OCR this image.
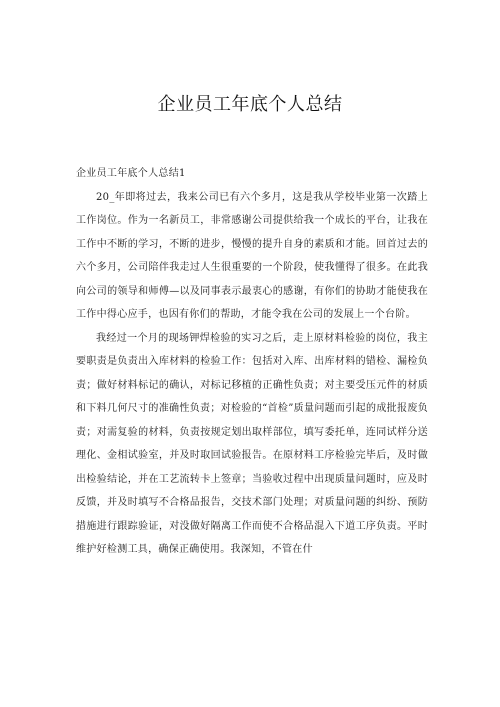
企业员工年底个人总结

企业员工年底个人总结1

20_年即将过去，我来公司已有六个多月，这是我从学校毕业第一次踏上工作岗位。作为一名新员工，非常感谢公司提供给我一个成长的平台，让我在工作中不断的学习，不断的进步，慢慢的提升自身的素质和才能。回首过去的六个多月，公司陪伴我走过人生很重要的一个阶段，使我懂得了很多。在此我向公司的领导和师傅—以及同事表示最衷心的感谢，有你们的协助才能使我在工作中得心应手，也因有你们的帮助，才能令我在公司的发展上一个台阶。

我经过一个月的现场钾焊检验的实习之后，走上原材料检验的岗位，我主要职责是负责出入库材料的检验工作：包括对入库、出库材料的错检、漏检负责；做好材料标记的确认，对标记移植的正确性负责；对主要受压元件的材质和下料几何尺寸的准确性负责；对检验的“首检”质量问题而引起的成批报废负责；对需复验的材料，负责按规定划出取样部位，填写委托单，连同试样分送理化、金相试验室，并及时取回试验报告。在原材料工序检验完毕后，及时做出检验结论，并在工艺流转卡上签章；当验收过程中出现质量问题时，应及时反馈，并及时填写不合格品报告，交技术部门处理；对质量问题的纠纷、预防措施进行跟踪验证，对没做好隔离工作而使不合格品混入下道工序负责。平时维护好检测工具，确保正确使用。我深知，不管在什
